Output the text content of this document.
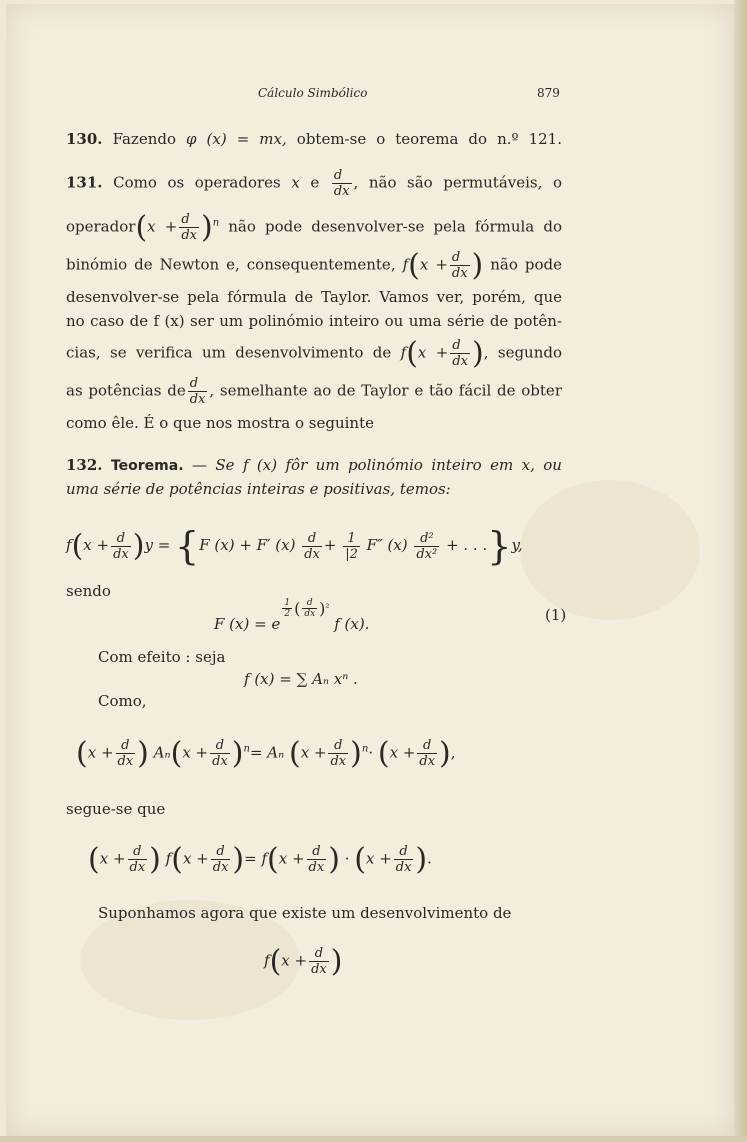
Cálculo Simbólico	879
130. Fazendo φ (x) = mx, obtem-se o teorema do n.º 121.
131. Como os operadores x e $\frac{d}{dx}$ , não são permutáveis, o
operador(x + $\frac{d}{dx} )^n$ não pode desenvolver-se pela fórmula do
binómio de Newton e, consequentemente, $f(x + \frac{d}{dx}$ ) não pode
desenvolver-se pela fórmula de Taylor. Vamos ver, porém, que
no caso de f (x) ser um polinómio inteiro ou uma série de potên-
cias, se verifica um desenvolvimento de $f(x + \frac{d}{dx}$ ), segundo
as potências de $\frac{d}{dx}$ , semelhante ao de Taylor e tão fácil de obter
como êle. É o que nos mostra o seguinte
132. Teorema. — Se f (x) fôr um polinómio inteiro em x, ou
uma série de potências inteiras e positivas, temos:
$f(x + \frac{d}{dx} )y = \{F$ (x) + F′ $(x) \frac{d}{dx} + \frac{1}{|2} F''$ $(x) \frac{\text{d²}}{\text{dx²}}$ + . . .}y,
sendo
F (x) = e
$^{\frac{1}{2} ( \frac{d}{dx} )^2}$ f (x).	(1)
Com efeito : seja
f (x) = ∑ Aₙ xⁿ .
Como,
($x + \frac{d}{dx}$ ) $A_n(x + \frac{d}{dx} )^n= A_n$ $(x + \frac{d}{dx} )^n\cdot (x + \frac{d}{dx}$ ),
segue-se que
($x + \frac{d}{dx}$ ) $f(x + \frac{d}{dx}$ )= $f(x + \frac{d}{dx}$ ) · ($x + \frac{d}{dx}$ ).
Suponhamos agora que existe um desenvolvimento de
$f(x + \frac{d}{dx}$ )
